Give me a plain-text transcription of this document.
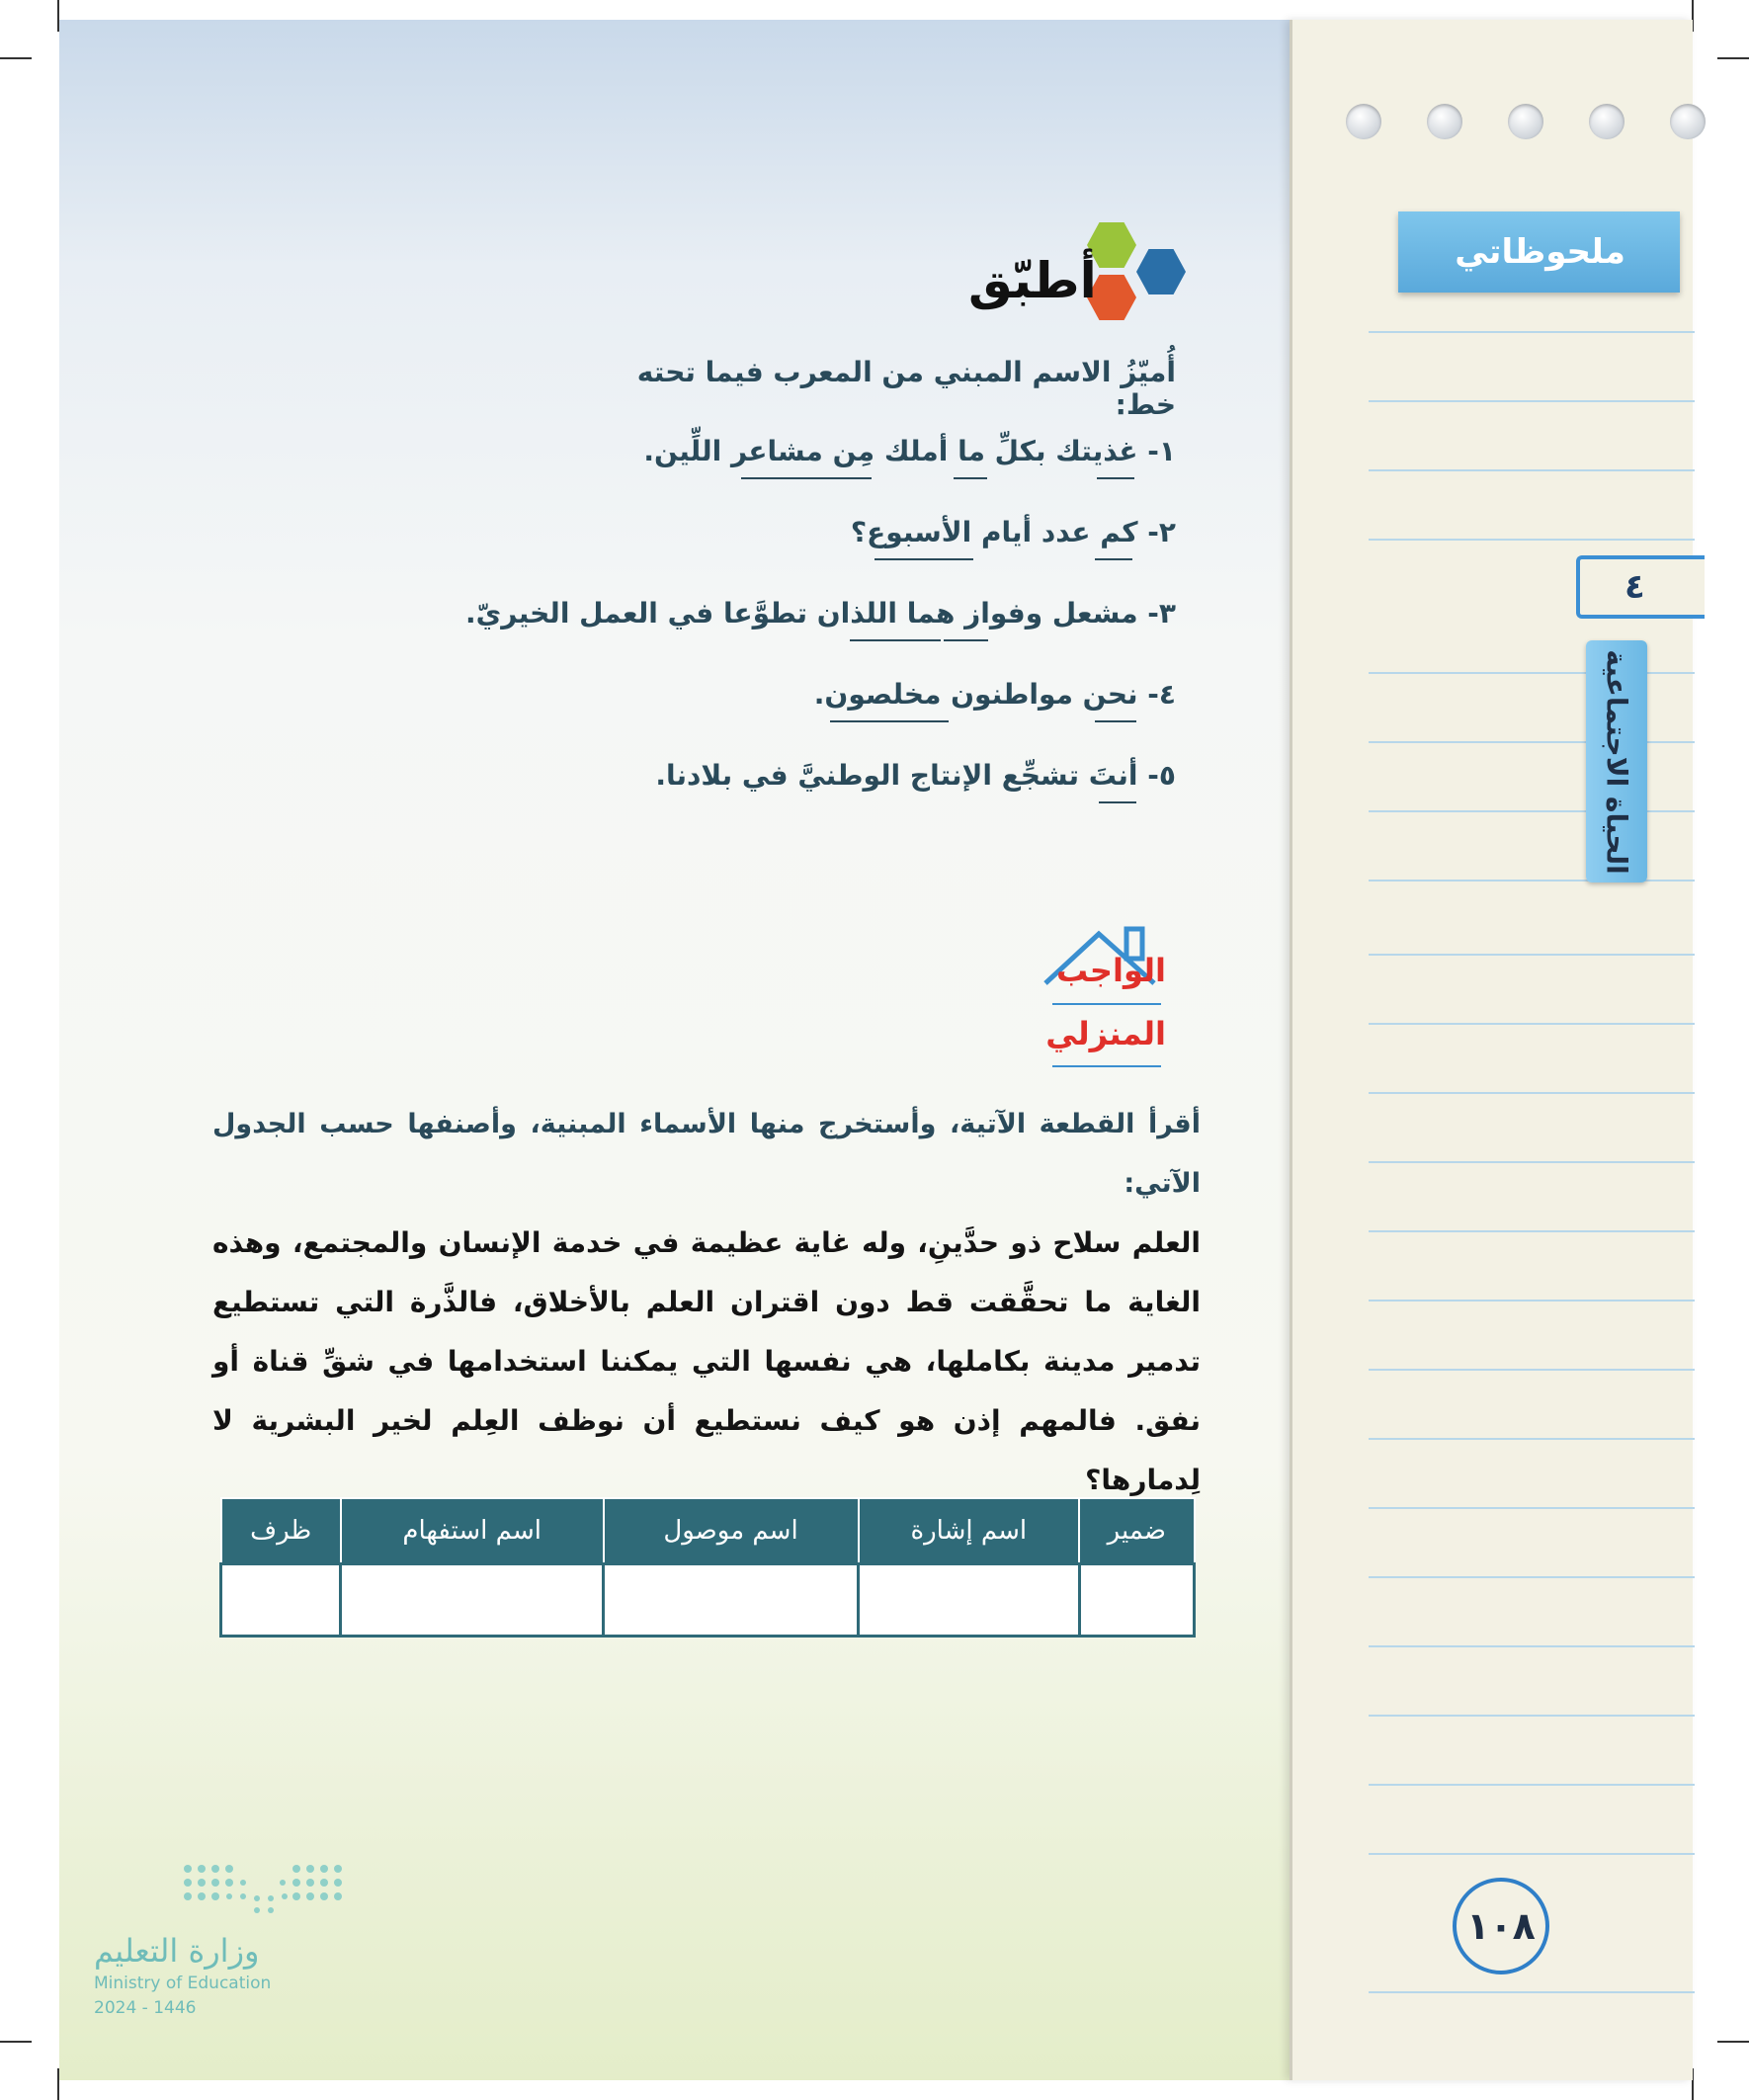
ملحوظاتي
٤
الحياة الاجتماعية
١٠٨
أطبّق
أُميّزُ الاسم المبني من المعرب فيما تحته خط:
١- غذيتك بكلِّ ما أملك مِن مشاعر اللِّين.
٢- كم عدد أيام الأسبوع؟
٣- مشعل وفواز هما اللذان تطوَّعا في العمل الخيريّ.
٤- نحن مواطنون مخلصون.
٥- أنتَ تشجِّع الإنتاج الوطنيَّ في بلادنا.
الواجب
المنزلي
أقرأ القطعة الآتية، وأستخرج منها الأسماء المبنية، وأصنفها حسب الجدول الآتي:
العلم سلاح ذو حدَّينِ، وله غاية عظيمة في خدمة الإنسان والمجتمع، وهذه الغاية ما تحقَّقت قط دون اقتران العلم بالأخلاق، فالذَّرة التي تستطيع تدمير مدينة بكاملها، هي نفسها التي يمكننا استخدامها في شقِّ قناة أو نفق. فالمهم إذن هو كيف نستطيع أن نوظف العِلم لخير البشرية لا لِدمارها؟
ضمير	اسم إشارة	اسم موصول	اسم استفهام	ظرف

وزارة التعليم
Ministry of Education
2024 - 1446
